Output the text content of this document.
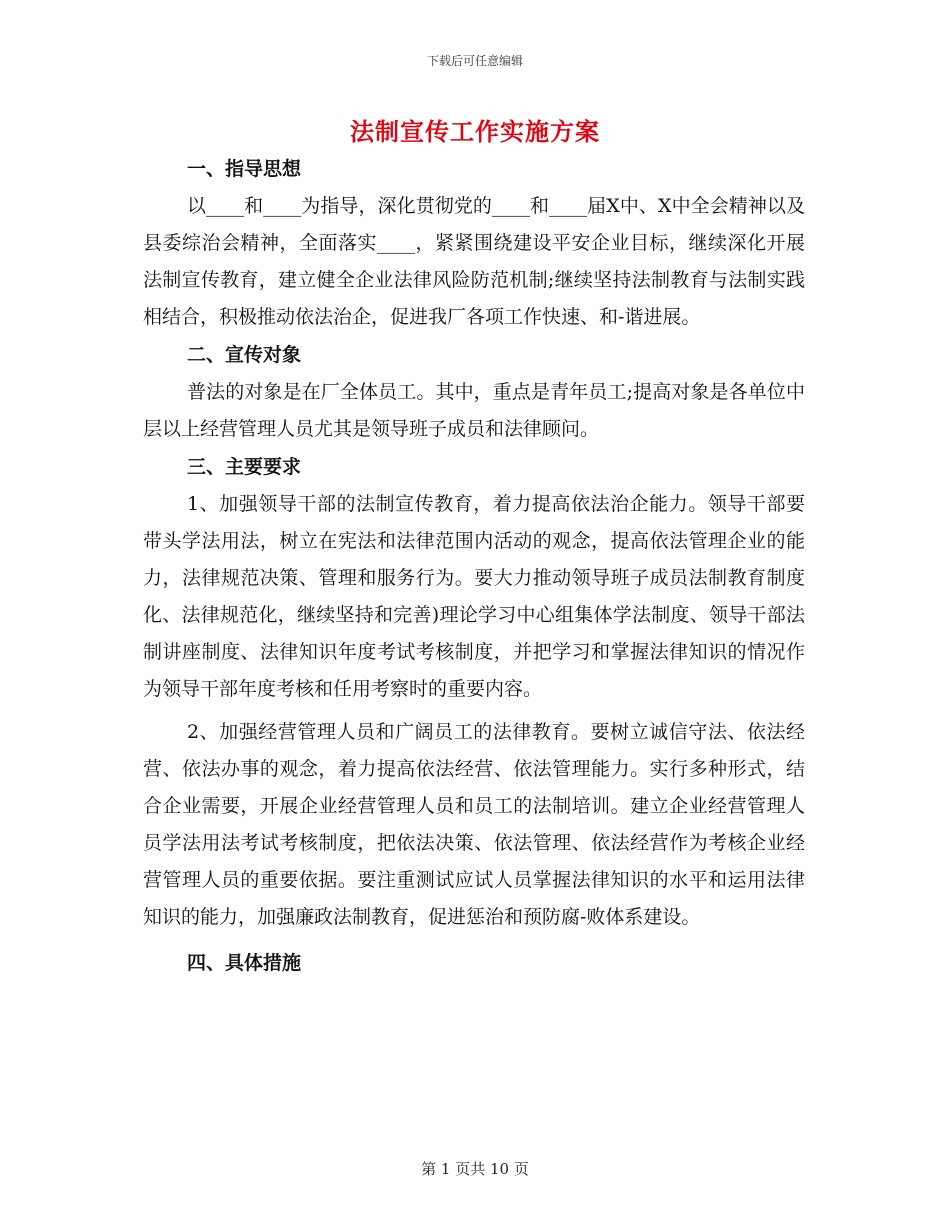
下载后可任意编辑
法制宣传工作实施方案
一、指导思想

以____和____为指导，深化贯彻党的____和____届X中、X中全会精神以及县委综治会精神，全面落实____，紧紧围绕建设平安企业目标，继续深化开展法制宣传教育，建立健全企业法律风险防范机制;继续坚持法制教育与法制实践相结合，积极推动依法治企，促进我厂各项工作快速、和-谐进展。

二、宣传对象

普法的对象是在厂全体员工。其中，重点是青年员工;提高对象是各单位中层以上经营管理人员尤其是领导班子成员和法律顾问。

三、主要要求

1、加强领导干部的法制宣传教育，着力提高依法治企能力。领导干部要带头学法用法，树立在宪法和法律范围内活动的观念，提高依法管理企业的能力，法律规范决策、管理和服务行为。要大力推动领导班子成员法制教育制度化、法律规范化，继续坚持和完善)理论学习中心组集体学法制度、领导干部法制讲座制度、法律知识年度考试考核制度，并把学习和掌握法律知识的情况作为领导干部年度考核和任用考察时的重要内容。

2、加强经营管理人员和广阔员工的法律教育。要树立诚信守法、依法经营、依法办事的观念，着力提高依法经营、依法管理能力。实行多种形式，结合企业需要，开展企业经营管理人员和员工的法制培训。建立企业经营管理人员学法用法考试考核制度，把依法决策、依法管理、依法经营作为考核企业经营管理人员的重要依据。要注重测试应试人员掌握法律知识的水平和运用法律知识的能力，加强廉政法制教育，促进惩治和预防腐-败体系建设。

四、具体措施
第 1 页共 10 页
